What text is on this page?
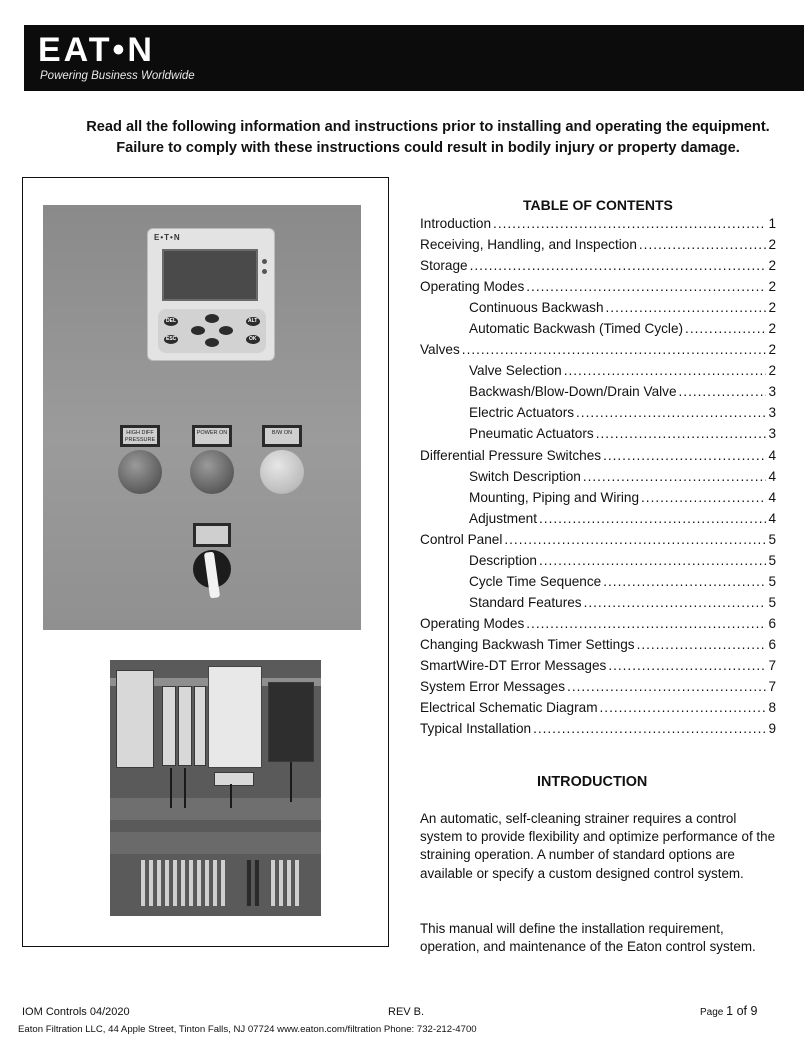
EAT•N
Powering Business Worldwide
Read all the following information and instructions prior to installing and operating the equipment.
Failure to comply with these instructions could result in bodily injury or property damage.
E•T•N
DEL	ALT
ESC	OK
HIGH DIFF PRESSURE
POWER ON	B/W ON
TABLE OF CONTENTS
Introduction .....	1
Receiving, Handling, and Inspection .....	2
Storage .....	2
Operating Modes .....	2
Continuous Backwash .....	2
Automatic Backwash (Timed Cycle) .....	2
Valves .....	2
Valve Selection .....	2
Backwash/Blow-Down/Drain Valve .....	3
Electric Actuators .....	3
Pneumatic Actuators .....	3
Differential Pressure Switches .....	4
Switch Description .....	4
Mounting, Piping and Wiring .....	4
Adjustment .....	4
Control Panel .....	5
Description .....	5
Cycle Time Sequence .....	5
Standard Features .....	5
Operating Modes .....	6
Changing Backwash Timer Settings .....	6
SmartWire-DT Error Messages .....	7
System Error Messages .....	7
Electrical Schematic Diagram .....	8
Typical Installation .....	9
INTRODUCTION
An automatic, self-cleaning strainer requires a control system to provide flexibility and optimize performance of the straining operation. A number of standard options are available or specify a custom designed control system.
This manual will define the installation requirement, operation, and maintenance of the Eaton control system.
IOM Controls 04/2020	REV B.	Page 1 of 9
Eaton Filtration LLC, 44 Apple Street, Tinton Falls, NJ 07724 www.eaton.com/filtration Phone: 732-212-4700
